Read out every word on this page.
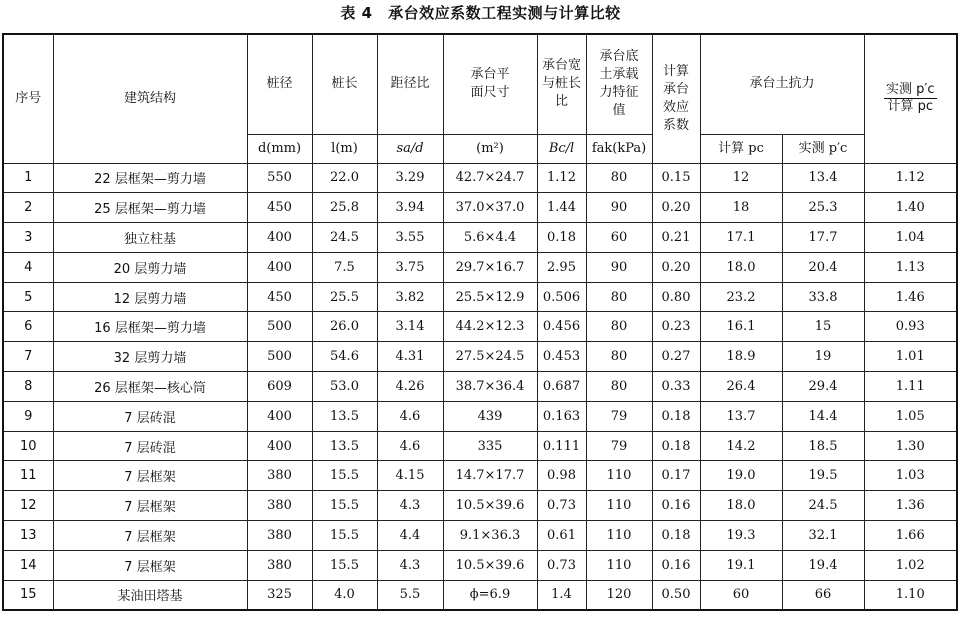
表 4　承台效应系数工程实测与计算比较
序号	建筑结构	桩径	桩长	距径比	承台平面尺寸	承台宽与桩长比	承台底土承载力特征值	计算承台效应系数	承台土抗力		$\frac{\text{实测 p′c}}{\text{计算 pc}}$

		d(mm)	l(m)	sa/d	(m²)	Bc/l	fak(kPa)		计算 pc	实测 p′c	
1	22 层框架—剪力墙	550	22.0	3.29	42.7×24.7	1.12	80	0.15	12	13.4	1.12
2	25 层框架—剪力墙	450	25.8	3.94	37.0×37.0	1.44	90	0.20	18	25.3	1.40
3	独立柱基	400	24.5	3.55	5.6×4.4	0.18	60	0.21	17.1	17.7	1.04
4	20 层剪力墙	400	7.5	3.75	29.7×16.7	2.95	90	0.20	18.0	20.4	1.13
5	12 层剪力墙	450	25.5	3.82	25.5×12.9	0.506	80	0.80	23.2	33.8	1.46
6	16 层框架—剪力墙	500	26.0	3.14	44.2×12.3	0.456	80	0.23	16.1	15	0.93
7	32 层剪力墙	500	54.6	4.31	27.5×24.5	0.453	80	0.27	18.9	19	1.01
8	26 层框架—核心筒	609	53.0	4.26	38.7×36.4	0.687	80	0.33	26.4	29.4	1.11
9	7 层砖混	400	13.5	4.6	439	0.163	79	0.18	13.7	14.4	1.05
10	7 层砖混	400	13.5	4.6	335	0.111	79	0.18	14.2	18.5	1.30
11	7 层框架	380	15.5	4.15	14.7×17.7	0.98	110	0.17	19.0	19.5	1.03
12	7 层框架	380	15.5	4.3	10.5×39.6	0.73	110	0.16	18.0	24.5	1.36
13	7 层框架	380	15.5	4.4	9.1×36.3	0.61	110	0.18	19.3	32.1	1.66
14	7 层框架	380	15.5	4.3	10.5×39.6	0.73	110	0.16	19.1	19.4	1.02
15	某油田塔基	325	4.0	5.5	ϕ=6.9	1.4	120	0.50	60	66	1.10
